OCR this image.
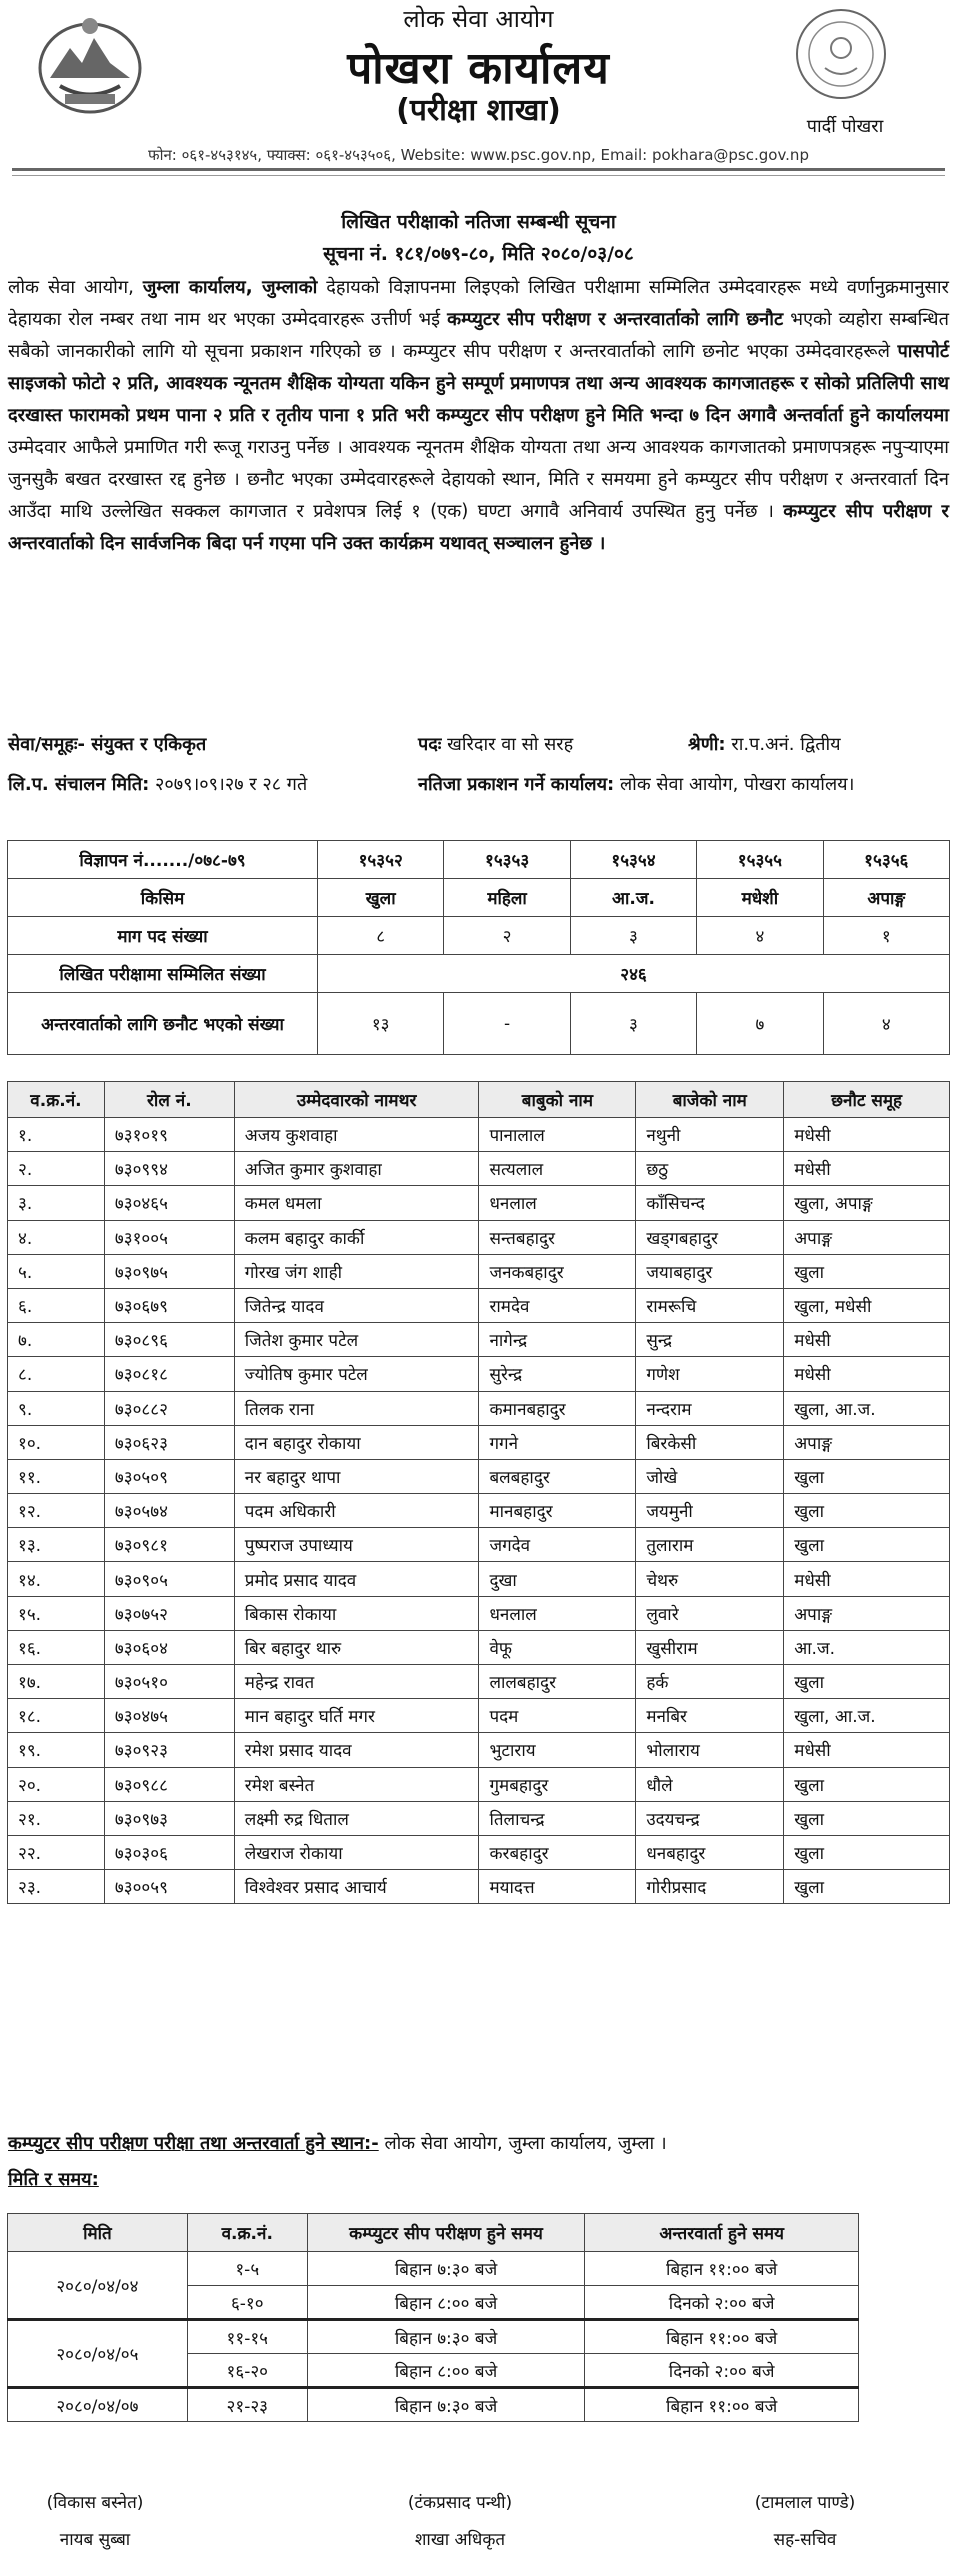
लोक सेवा आयोग
पोखरा कार्यालय
(परीक्षा शाखा)	पार्दी पोखरा
फोन: ०६१-४५३१४५, फ्याक्स: ०६१-४५३५०६, Website: www.psc.gov.np, Email: pokhara@psc.gov.np
लिखित परीक्षाको नतिजा सम्बन्धी सूचना
सूचना नं. १८१/०७९-८०, मिति २०८०/०३/०८
लोक सेवा आयोग, जुम्ला कार्यालय, जुम्लाको देहायको विज्ञापनमा लिइएको लिखित परीक्षामा सम्मिलित उम्मेदवारहरू मध्ये वर्णानुक्रमानुसार देहायका रोल नम्बर तथा नाम थर भएका उम्मेदवारहरू उत्तीर्ण भई कम्प्युटर सीप परीक्षण र अन्तरवार्ताको लागि छनौट भएको व्यहोरा सम्बन्धित सबैको जानकारीको लागि यो सूचना प्रकाशन गरिएको छ । कम्प्युटर सीप परीक्षण र अन्तरवार्ताको लागि छनोट भएका उम्मेदवारहरूले पासपोर्ट साइजको फोटो २ प्रति, आवश्यक न्यूनतम शैक्षिक योग्यता यकिन हुने सम्पूर्ण प्रमाणपत्र तथा अन्य आवश्यक कागजातहरू र सोको प्रतिलिपी साथ दरखास्त फारामको प्रथम पाना २ प्रति र तृतीय पाना १ प्रति भरी कम्प्युटर सीप परीक्षण हुने मिति भन्दा ७ दिन अगावै अन्तर्वार्ता हुने कार्यालयमा उम्मेदवार आफैले प्रमाणित गरी रूजू गराउनु पर्नेछ । आवश्यक न्यूनतम शैक्षिक योग्यता तथा अन्य आवश्यक कागजातको प्रमाणपत्रहरू नपुऱ्याएमा जुनसुकै बखत दरखास्त रद्द हुनेछ । छनौट भएका उम्मेदवारहरूले देहायको स्थान, मिति र समयमा हुने कम्प्युटर सीप परीक्षण र अन्तरवार्ता दिन आउँदा माथि उल्लेखित सक्कल कागजात र प्रवेशपत्र लिई १ (एक) घण्टा अगावै अनिवार्य उपस्थित हुनु पर्नेछ । कम्प्युटर सीप परीक्षण र अन्तरवार्ताको दिन सार्वजनिक बिदा पर्न गएमा पनि उक्त कार्यक्रम यथावत् सञ्चालन हुनेछ ।
सेवा/समूहः- संयुक्त र एकिकृत	पदः खरिदार वा सो सरह	श्रेणी: रा.प.अनं. द्वितीय
लि.प. संचालन मिति: २०७९।०९।२७ र २८ गते	नतिजा प्रकाशन गर्ने कार्यालय: लोक सेवा आयोग, पोखरा कार्यालय।
विज्ञापन नं......./०७८-७९	१५३५२	१५३५३	१५३५४	१५३५५	१५३५६
किसिम	खुला	महिला	आ.ज.	मधेशी	अपाङ्ग
माग पद संख्या	८	२	३	४	१
लिखित परीक्षामा सम्मिलित संख्या	२४६				
अन्तरवार्ताको लागि छनौट भएको संख्या	१३	-	३	७	४
व.क्र.नं.	रोल नं.	उम्मेदवारको नामथर	बाबुको नाम	बाजेको नाम	छनौट समूह
१.	७३१०१९	अजय कुशवाहा	पानालाल	नथुनी	मधेसी
२.	७३०९९४	अजित कुमार कुशवाहा	सत्यलाल	छठु	मधेसी
३.	७३०४६५	कमल धमला	धनलाल	काँसिचन्द	खुला, अपाङ्ग
४.	७३१००५	कलम बहादुर कार्की	सन्तबहादुर	खड्गबहादुर	अपाङ्ग
५.	७३०९७५	गोरख जंग शाही	जनकबहादुर	जयाबहादुर	खुला
६.	७३०६७९	जितेन्द्र यादव	रामदेव	रामरूचि	खुला, मधेसी
७.	७३०८९६	जितेश कुमार पटेल	नागेन्द्र	सुन्द्र	मधेसी
८.	७३०८१८	ज्योतिष कुमार पटेल	सुरेन्द्र	गणेश	मधेसी
९.	७३०८८२	तिलक राना	कमानबहादुर	नन्दराम	खुला, आ.ज.
१०.	७३०६२३	दान बहादुर रोकाया	गगने	बिरकेसी	अपाङ्ग
११.	७३०५०९	नर बहादुर थापा	बलबहादुर	जोखे	खुला
१२.	७३०५७४	पदम अधिकारी	मानबहादुर	जयमुनी	खुला
१३.	७३०९८१	पुष्पराज उपाध्याय	जगदेव	तुलाराम	खुला
१४.	७३०९०५	प्रमोद प्रसाद यादव	दुखा	चेथरु	मधेसी
१५.	७३०७५२	बिकास रोकाया	धनलाल	लुवारे	अपाङ्ग
१६.	७३०६०४	बिर बहादुर थारु	वेफू	खुसीराम	आ.ज.
१७.	७३०५१०	महेन्द्र रावत	लालबहादुर	हर्क	खुला
१८.	७३०४७५	मान बहादुर घर्ति मगर	पदम	मनबिर	खुला, आ.ज.
१९.	७३०९२३	रमेश प्रसाद यादव	भुटाराय	भोलाराय	मधेसी
२०.	७३०९८८	रमेश बस्नेत	गुमबहादुर	धौले	खुला
२१.	७३०९७३	लक्ष्मी रुद्र धिताल	तिलाचन्द्र	उदयचन्द्र	खुला
२२.	७३०३०६	लेखराज रोकाया	करबहादुर	धनबहादुर	खुला
२३.	७३००५९	विश्वेश्वर प्रसाद आचार्य	मयादत्त	गोरीप्रसाद	खुला
कम्प्युटर सीप परीक्षण परीक्षा तथा अन्तरवार्ता हुने स्थान:- लोक सेवा आयोग, जुम्ला कार्यालय, जुम्ला ।
मिति र समय:
मिति	व.क्र.नं.	कम्प्युटर सीप परीक्षण हुने समय	अन्तरवार्ता हुने समय
२०८०/०४/०४	१-५	बिहान ७:३० बजे	बिहान ११:०० बजे
	६-१०	बिहान ८:०० बजे	दिनको २:०० बजे
२०८०/०४/०५	११-१५	बिहान ७:३० बजे	बिहान ११:०० बजे
	१६-२०	बिहान ८:०० बजे	दिनको २:०० बजे
२०८०/०४/०७	२१-२३	बिहान ७:३० बजे	बिहान ११:०० बजे
(विकास बस्नेत)
नायब सुब्बा
(टंकप्रसाद पन्थी)
शाखा अधिकृत
(टामलाल पाण्डे)
सह-सचिव
